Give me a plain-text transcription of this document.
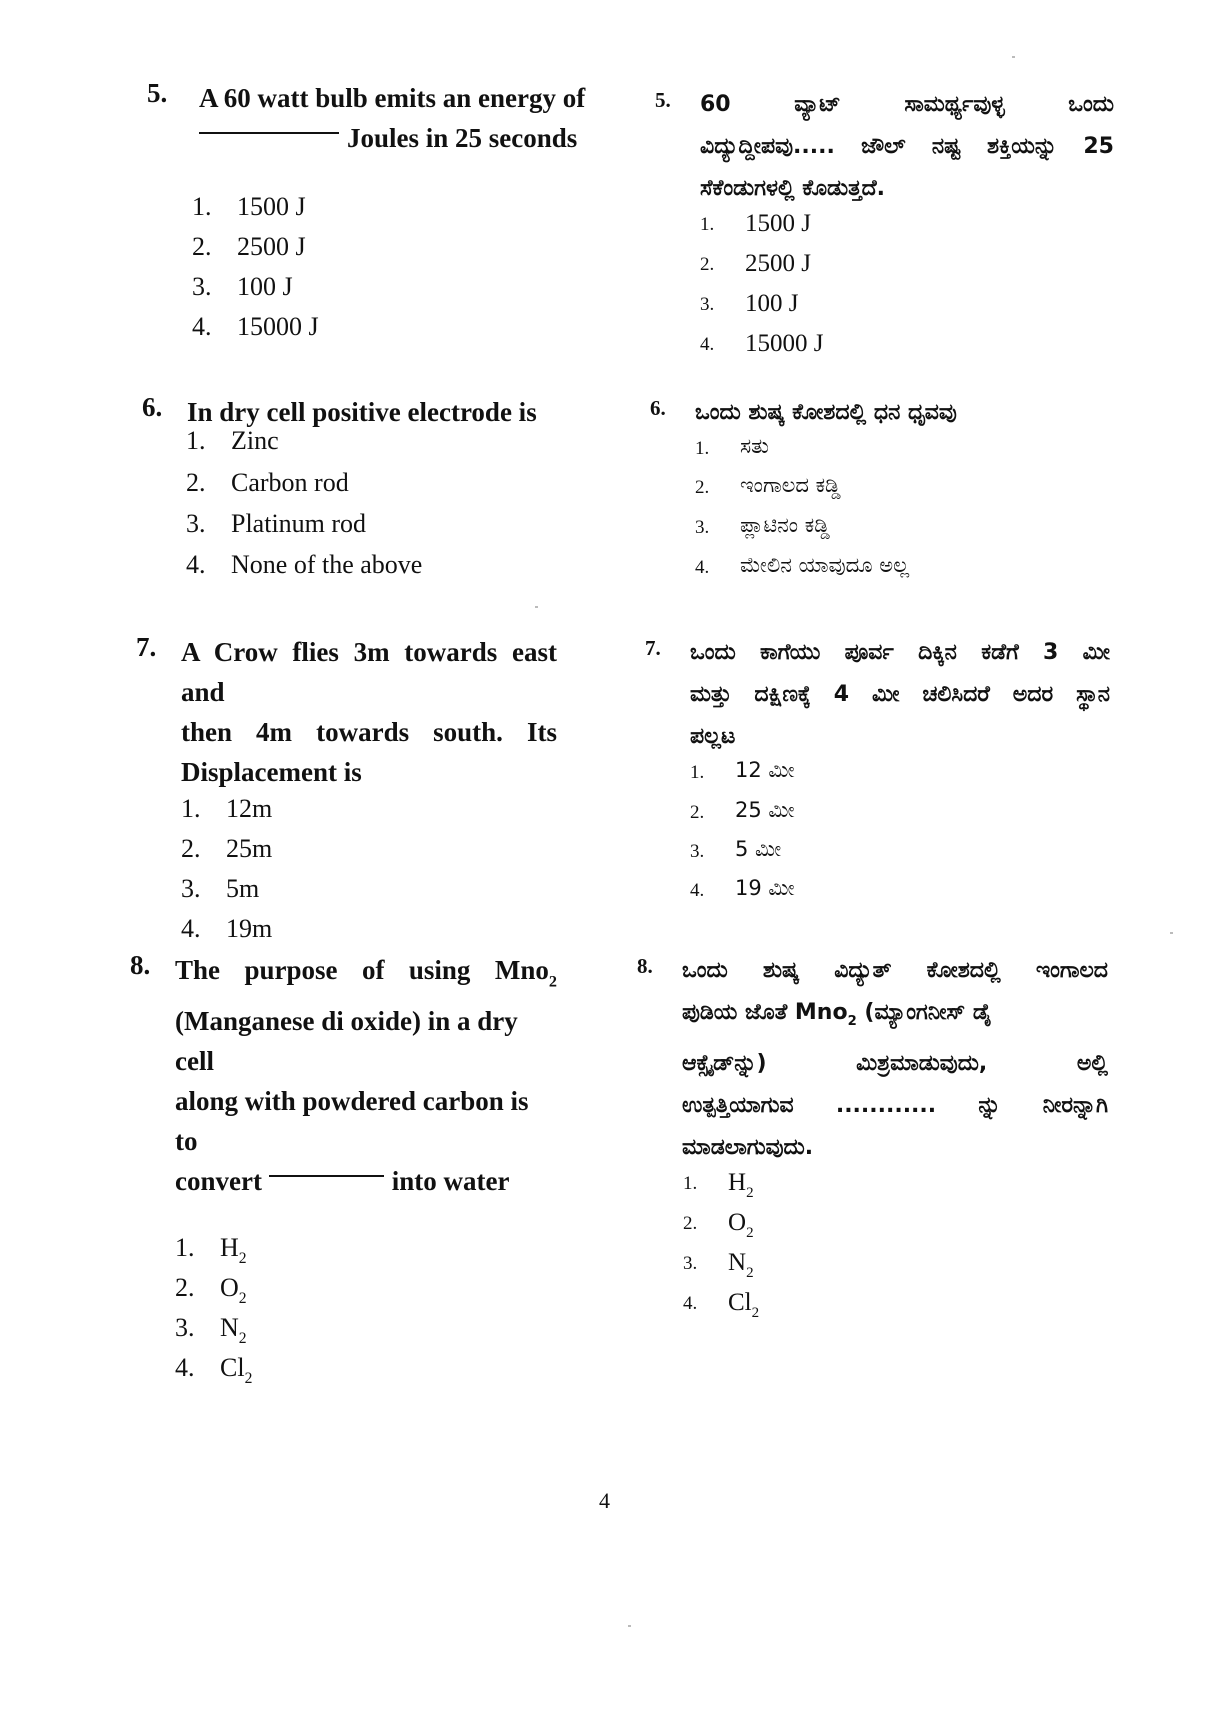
5.	A 60 watt bulb emits an energy of
Joules in 25 seconds
1. 1500 J
2. 2500 J
3. 100 J
4. 15000 J
6. In dry cell positive electrode is
1. Zinc
2. Carbon rod
3. Platinum rod
4. None of the above
7. A Crow flies 3m towards east and
then 4m towards south. Its
Displacement is
1. 12m
2. 25m
3. 5m
4. 19m
8. The purpose of using Mno$_2$
(Manganese di oxide) in a dry cell
along with powdered carbon is to
convert	into water
1. $H_2$
2. $O_2$
3. $N_2$
4. $Cl_2$
5.	60 ವ್ಯಾಟ್ ಸಾಮರ್ಥ್ಯವುಳ್ಳ ಒಂದು
ವಿದ್ಯುದ್ದೀಪವು..... ಜೌಲ್ ನಷ್ಟ ಶಕ್ತಿಯನ್ನು 25
ಸೆಕೆಂಡುಗಳಲ್ಲಿ ಕೊಡುತ್ತದೆ.
1.	1500 J
2.	2500 J
3.	100 J
4.	15000 J
6.	ಒಂದು ಶುಷ್ಕ ಕೋಶದಲ್ಲಿ ಧನ ಧೃವವು
1.	ಸತು
2.	ಇಂಗಾಲದ ಕಡ್ಡಿ
3.	ಪ್ಲಾಟಿನಂ ಕಡ್ಡಿ
4.	ಮೇಲಿನ ಯಾವುದೂ ಅಲ್ಲ
7.	ಒಂದು ಕಾಗೆಯು ಪೂರ್ವ ದಿಕ್ಕಿನ ಕಡೆಗೆ 3 ಮೀ
ಮತ್ತು ದಕ್ಷಿಣಕ್ಕೆ 4 ಮೀ ಚಲಿಸಿದರೆ ಅದರ ಸ್ಥಾನ
ಪಲ್ಲಟ
1.	12 ಮೀ
2.	25 ಮೀ
3.	5 ಮೀ
4.	19 ಮೀ
8.	ಒಂದು ಶುಷ್ಕ ವಿದ್ಯುತ್ ಕೋಶದಲ್ಲಿ ಇಂಗಾಲದ
ಪುಡಿಯ ಜೊತೆ Mno$_2$ (ಮ್ಯಾಂಗನೀಸ್ ಡೈ
ಆಕ್ಸೈಡ್‌ನ್ನು) ಮಿಶ್ರಮಾಡುವುದು, ಅಲ್ಲಿ
ಉತ್ಪತ್ತಿಯಾಗುವ ............ ನ್ನು ನೀರನ್ನಾಗಿ
ಮಾಡಲಾಗುವುದು.
1.	$H_2$
2.	$O_2$
3.	$N_2$
4.	$Cl_2$
4
